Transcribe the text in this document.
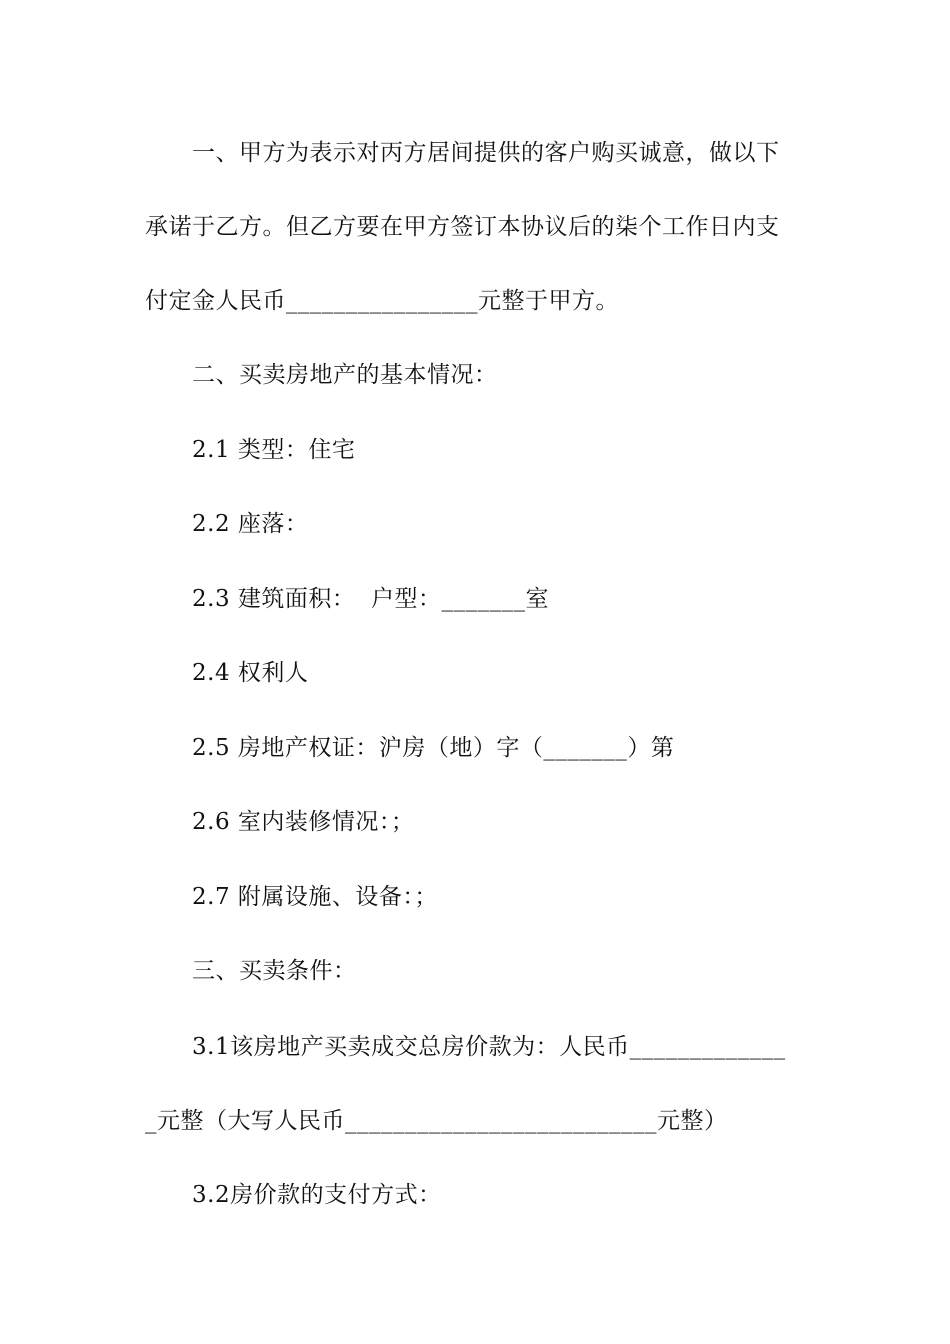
一、甲方为表示对丙方居间提供的客户购买诚意，做以下
承诺于乙方。但乙方要在甲方签订本协议后的柒个工作日内支
付定金人民币________________元整于甲方。
二、买卖房地产的基本情况：
2.1 类型：住宅
2.2 座落：
2.3 建筑面积：  户型：_______室
2.4 权利人
2.5 房地产权证：沪房（地）字（_______）第
2.6 室内装修情况：；
2.7 附属设施、设备：；
三、买卖条件：
3.1该房地产买卖成交总房价款为：人民币_____________
_元整（大写人民币__________________________元整）
3.2房价款的支付方式：
